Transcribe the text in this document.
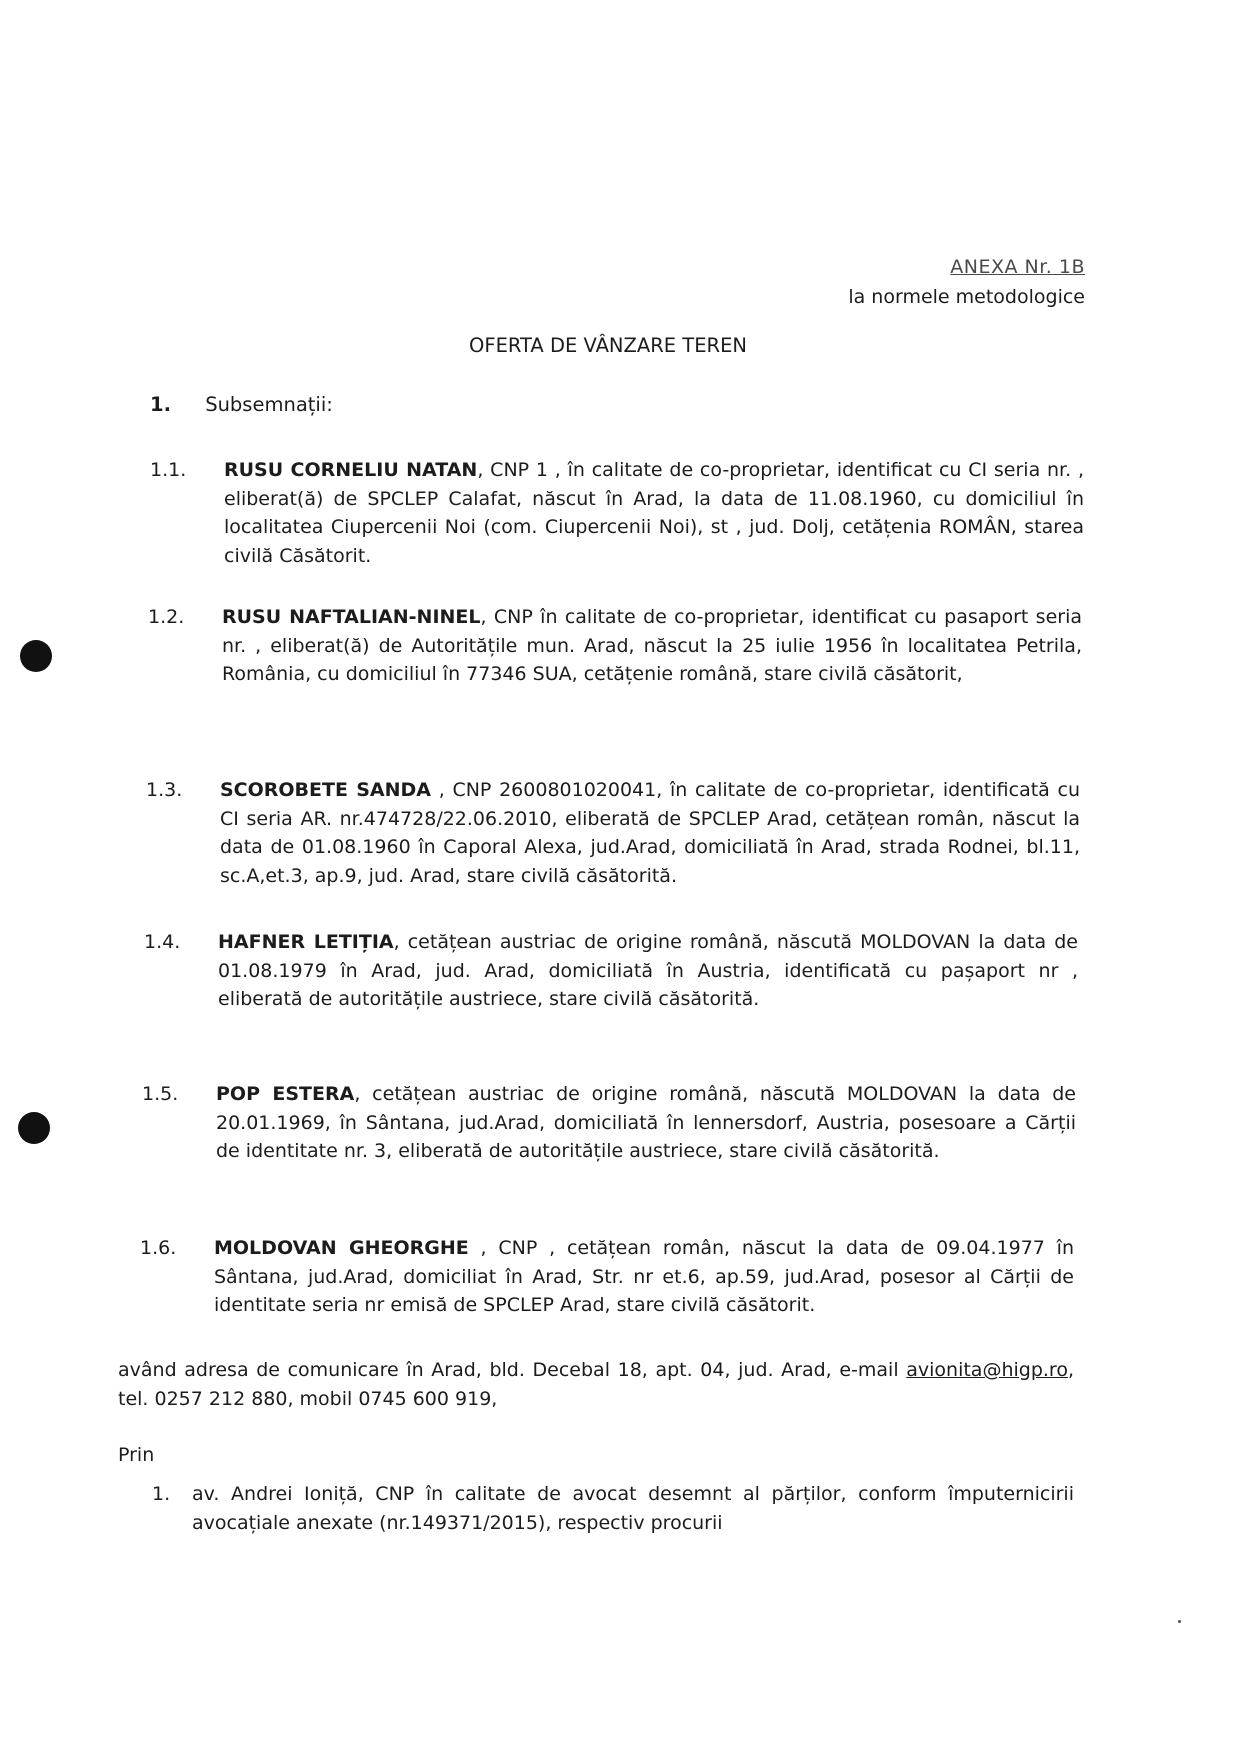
ANEXA Nr. 1B
la normele metodologice
OFERTA DE VÂNZARE TEREN
1. Subsemnații:
1.1.	RUSU CORNELIU NATAN, CNP 1 , în calitate de co-proprietar, identificat cu CI seria nr. , eliberat(ă) de SPCLEP Calafat, născut în Arad, la data de 11.08.1960, cu domiciliul în localitatea Ciupercenii Noi (com. Ciupercenii Noi), st , jud. Dolj, cetățenia ROMÂN, starea civilă Căsătorit.
1.2.	RUSU NAFTALIAN-NINEL, CNP în calitate de co-proprietar, identificat cu pasaport seria nr. , eliberat(ă) de Autoritățile mun. Arad, născut la 25 iulie 1956 în localitatea Petrila, România, cu domiciliul în 77346 SUA, cetățenie română, stare civilă căsătorit,
1.3.	SCOROBETE SANDA , CNP 2600801020041, în calitate de co-proprietar, identificată cu CI seria AR. nr.474728/22.06.2010, eliberată de SPCLEP Arad, cetățean român, născut la data de 01.08.1960 în Caporal Alexa, jud.Arad, domiciliată în Arad, strada Rodnei, bl.11, sc.A,et.3, ap.9, jud. Arad, stare civilă căsătorită.
1.4.	HAFNER LETIȚIA, cetățean austriac de origine română, născută MOLDOVAN la data de 01.08.1979 în Arad, jud. Arad, domiciliată în Austria, identificată cu pașaport nr , eliberată de autoritățile austriece, stare civilă căsătorită.
1.5.	POP ESTERA, cetățean austriac de origine română, născută MOLDOVAN la data de 20.01.1969, în Sântana, jud.Arad, domiciliată în lennersdorf, Austria, posesoare a Cărții de identitate nr. 3, eliberată de autoritățile austriece, stare civilă căsătorită.
1.6.	MOLDOVAN GHEORGHE , CNP , cetățean român, născut la data de 09.04.1977 în Sântana, jud.Arad, domiciliat în Arad, Str. nr et.6, ap.59, jud.Arad, posesor al Cărții de identitate seria nr emisă de SPCLEP Arad, stare civilă căsătorit.
având adresa de comunicare în Arad, bld. Decebal 18, apt. 04, jud. Arad, e-mail avionita@higp.ro, tel. 0257 212 880, mobil 0745 600 919,
Prin
1. av. Andrei Ioniță, CNP în calitate de avocat desemnt al părților, conform împuternicirii avocațiale anexate (nr.149371/2015), respectiv procurii
